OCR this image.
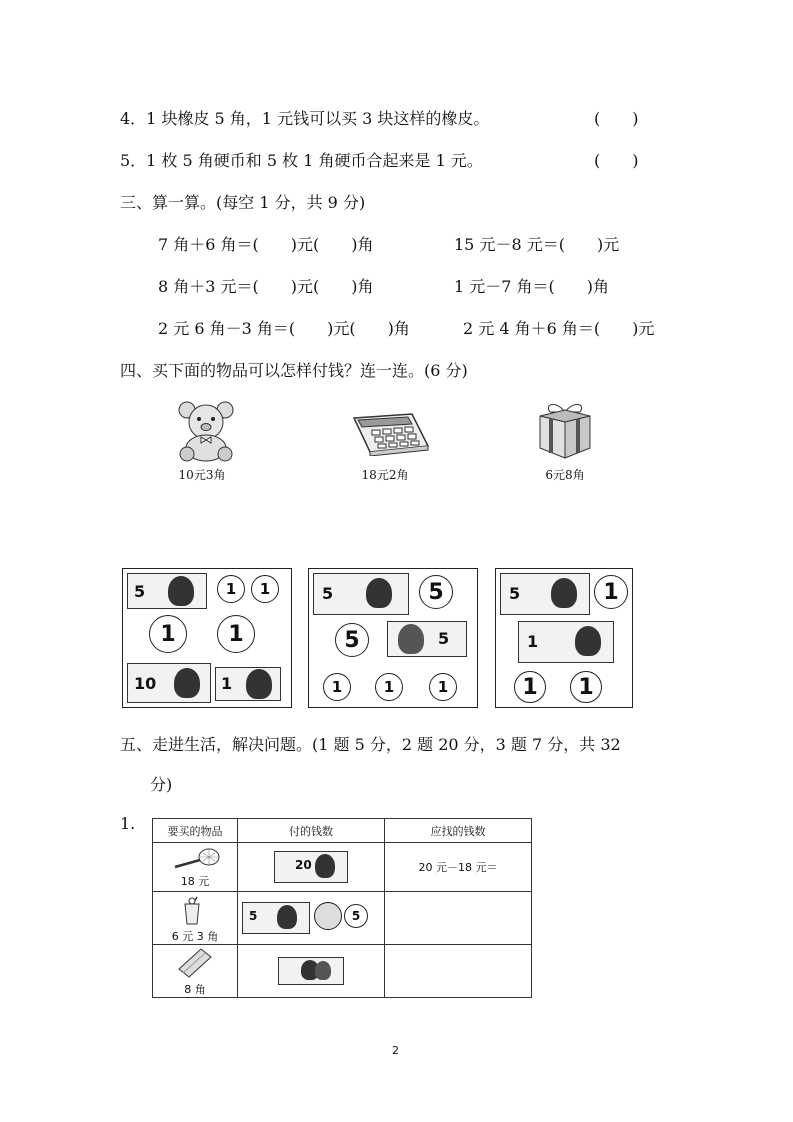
4．1 块橡皮 5 角，1 元钱可以买 3 块这样的橡皮。	(　　)
5．1 枚 5 角硬币和 5 枚 1 角硬币合起来是 1 元。	(　　)
三、算一算。(每空 1 分，共 9 分)
7 角＋6 角＝(　　)元(　　)角	15 元－8 元＝(　　)元
8 角＋3 元＝(　　)元(　　)角	1 元－7 角＝(　　)角
2 元 6 角－3 角＝(　　)元(　　)角	2 元 4 角＋6 角＝(　　)元
四、买下面的物品可以怎样付钱？连一连。(6 分)
10元3角	18元2角	6元8角
5	1	1
1	1
10	1
5	5
5	5
1	1	1
5	1
1
1	1
五、走进生活，解决问题。(1 题 5 分，2 题 20 分，3 题 7 分，共 32
分)
1.	要买的物品	付的钱数	应找的钱数

18 元	20	20 元－18 元＝

6 元 3 角	5 5	

8 角		

2
